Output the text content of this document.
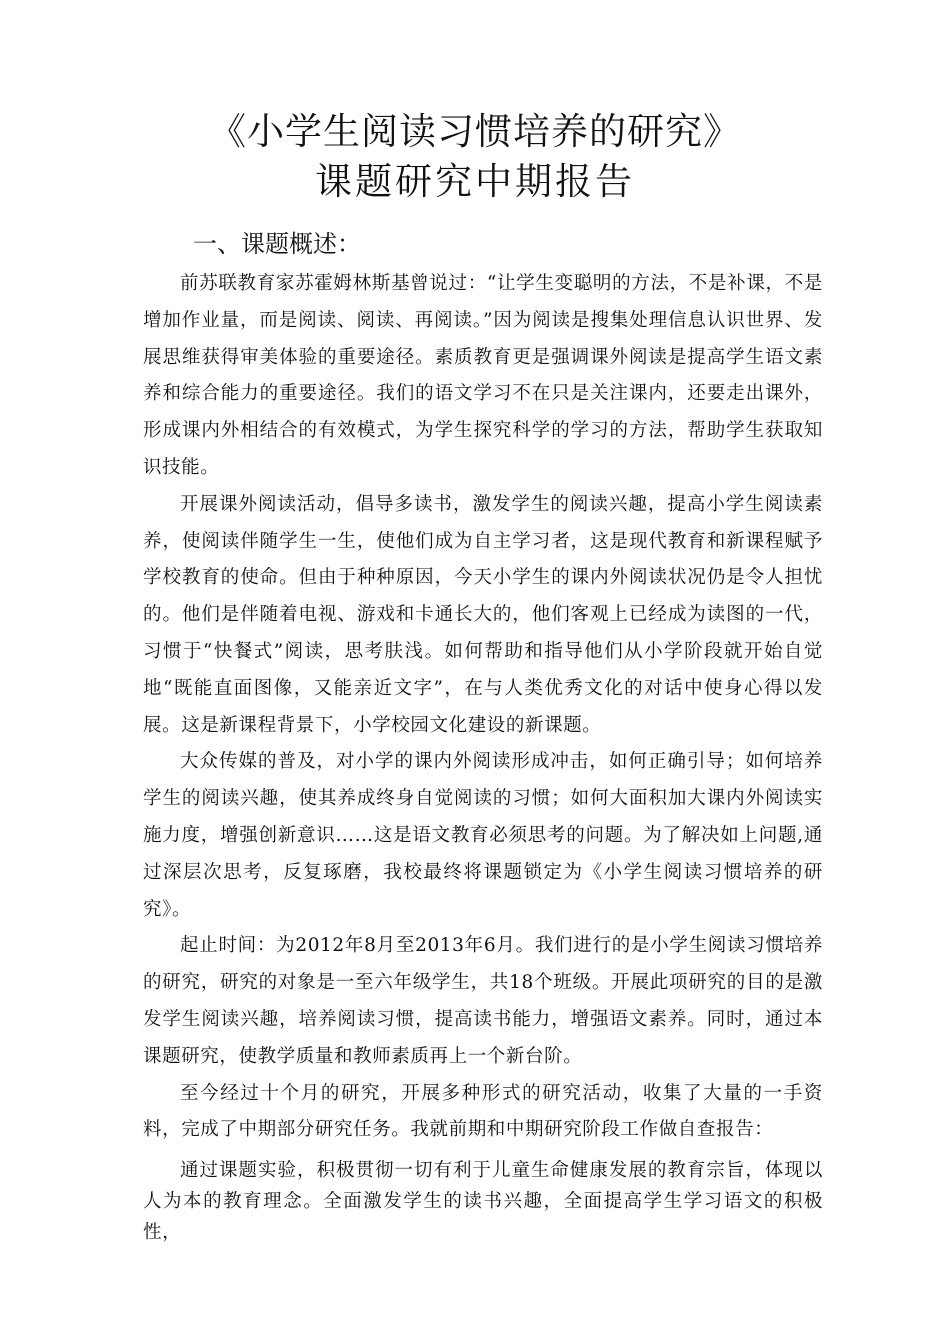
《小学生阅读习惯培养的研究》
课题研究中期报告
一、课题概述：

前苏联教育家苏霍姆林斯基曾说过：“让学生变聪明的方法，不是补课，不是增加作业量，而是阅读、阅读、再阅读。”因为阅读是搜集处理信息认识世界、发展思维获得审美体验的重要途径。素质教育更是强调课外阅读是提高学生语文素养和综合能力的重要途径。我们的语文学习不在只是关注课内，还要走出课外，形成课内外相结合的有效模式，为学生探究科学的学习的方法，帮助学生获取知识技能。

开展课外阅读活动，倡导多读书，激发学生的阅读兴趣，提高小学生阅读素养，使阅读伴随学生一生，使他们成为自主学习者，这是现代教育和新课程赋予学校教育的使命。但由于种种原因，今天小学生的课内外阅读状况仍是令人担忧的。他们是伴随着电视、游戏和卡通长大的，他们客观上已经成为读图的一代，习惯于“快餐式”阅读，思考肤浅。如何帮助和指导他们从小学阶段就开始自觉地“既能直面图像，又能亲近文字”，在与人类优秀文化的对话中使身心得以发展。这是新课程背景下，小学校园文化建设的新课题。

大众传媒的普及，对小学的课内外阅读形成冲击，如何正确引导；如何培养学生的阅读兴趣，使其养成终身自觉阅读的习惯；如何大面积加大课内外阅读实施力度，增强创新意识……这是语文教育必须思考的问题。为了解决如上问题,通过深层次思考，反复琢磨，我校最终将课题锁定为《小学生阅读习惯培养的研究》。

起止时间：为2012年8月至2013年6月。我们进行的是小学生阅读习惯培养的研究，研究的对象是一至六年级学生，共18个班级。开展此项研究的目的是激发学生阅读兴趣，培养阅读习惯，提高读书能力，增强语文素养。同时，通过本课题研究，使教学质量和教师素质再上一个新台阶。

至今经过十个月的研究，开展多种形式的研究活动，收集了大量的一手资料，完成了中期部分研究任务。我就前期和中期研究阶段工作做自查报告：

通过课题实验，积极贯彻一切有利于儿童生命健康发展的教育宗旨，体现以人为本的教育理念。全面激发学生的读书兴趣，全面提高学生学习语文的积极性，
